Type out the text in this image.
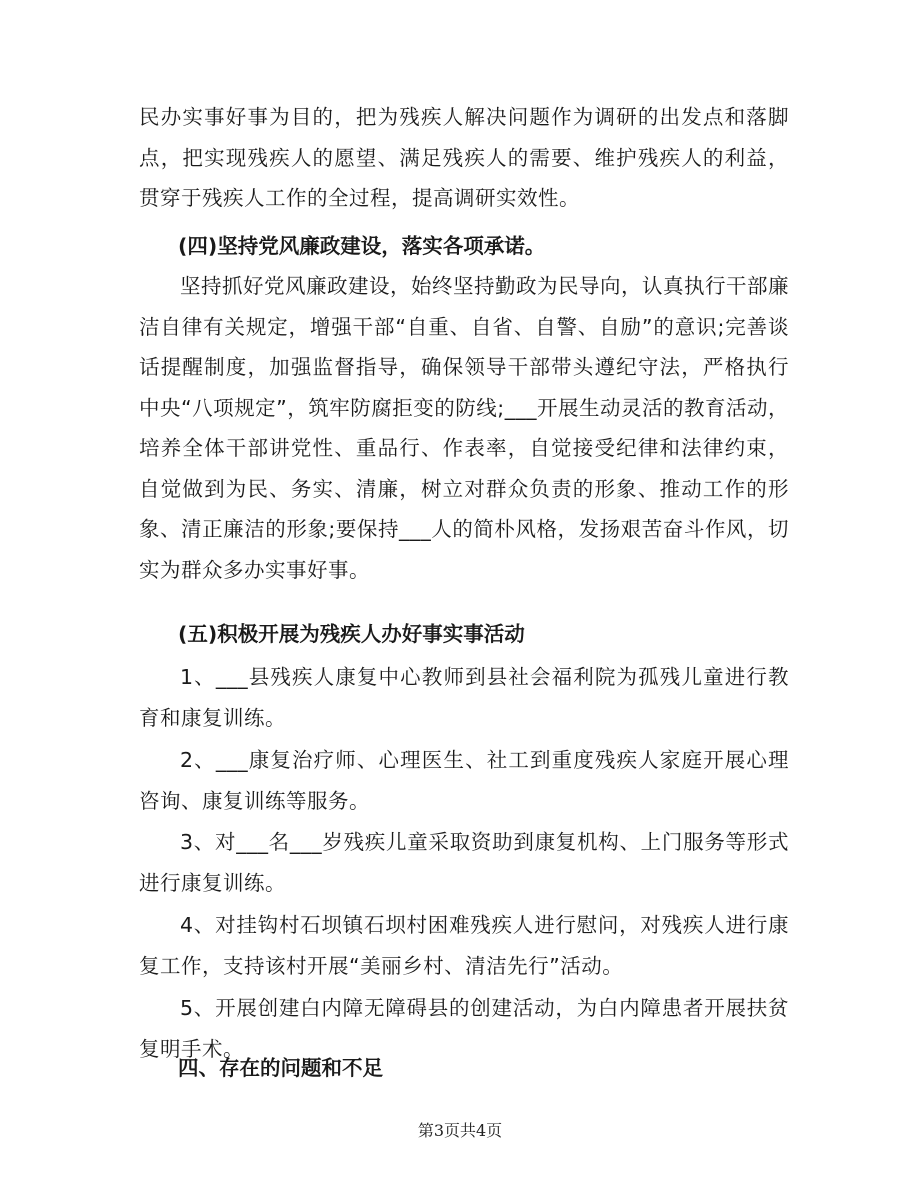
民办实事好事为目的，把为残疾人解决问题作为调研的出发点和落脚点，把实现残疾人的愿望、满足残疾人的需要、维护残疾人的利益，贯穿于残疾人工作的全过程，提高调研实效性。

(四)坚持党风廉政建设，落实各项承诺。

坚持抓好党风廉政建设，始终坚持勤政为民导向，认真执行干部廉洁自律有关规定，增强干部“自重、自省、自警、自励”的意识;完善谈话提醒制度，加强监督指导，确保领导干部带头遵纪守法，严格执行中央“八项规定”，筑牢防腐拒变的防线;___开展生动灵活的教育活动，培养全体干部讲党性、重品行、作表率，自觉接受纪律和法律约束，自觉做到为民、务实、清廉，树立对群众负责的形象、推动工作的形象、清正廉洁的形象;要保持___人的简朴风格，发扬艰苦奋斗作风，切实为群众多办实事好事。

(五)积极开展为残疾人办好事实事活动

1、___县残疾人康复中心教师到县社会福利院为孤残儿童进行教育和康复训练。

2、___康复治疗师、心理医生、社工到重度残疾人家庭开展心理咨询、康复训练等服务。

3、对___名___岁残疾儿童采取资助到康复机构、上门服务等形式进行康复训练。

4、对挂钩村石坝镇石坝村困难残疾人进行慰问，对残疾人进行康复工作，支持该村开展“美丽乡村、清洁先行”活动。

5、开展创建白内障无障碍县的创建活动，为白内障患者开展扶贫复明手术。

四、存在的问题和不足

第3页共4页
